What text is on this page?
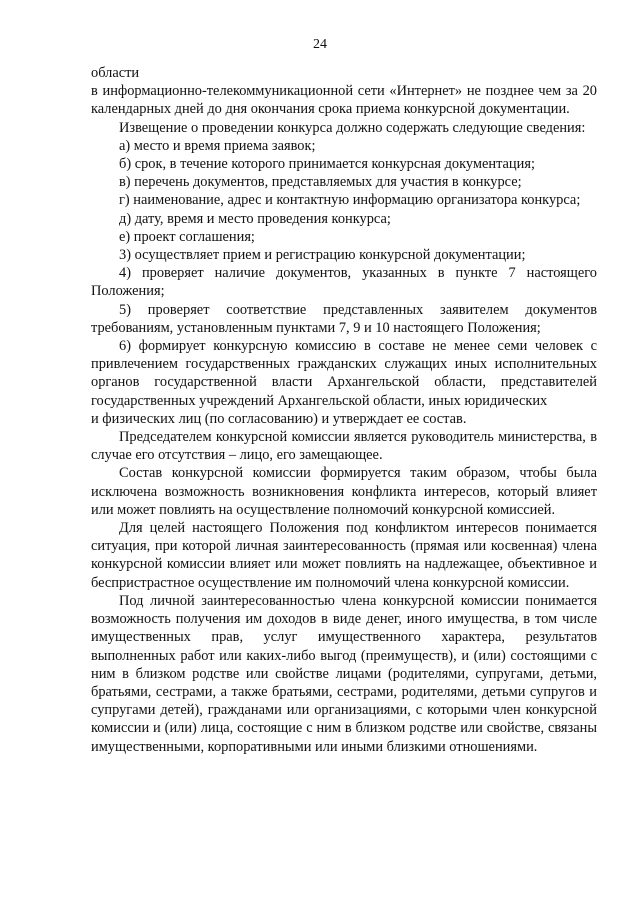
24

области

в информационно-телекоммуникационной сети «Интернет» не позднее чем за 20 календарных дней до дня окончания срока приема конкурсной документации.

Извещение о проведении конкурса должно содержать следующие сведения:

а) место и время приема заявок;

б) срок, в течение которого принимается конкурсная документация;

в) перечень документов, представляемых для участия в конкурсе;

г) наименование, адрес и контактную информацию организатора конкурса;

д) дату, время и место проведения конкурса;

е) проект соглашения;

3) осуществляет прием и регистрацию конкурсной документации;

4) проверяет наличие документов, указанных в пункте 7 настоящего Положения;

5) проверяет соответствие представленных заявителем документов требованиям, установленным пунктами 7, 9 и 10 настоящего Положения;

6) формирует конкурсную комиссию в составе не менее семи человек с привлечением государственных гражданских служащих иных исполнительных органов государственной власти Архангельской области, представителей государственных учреждений Архангельской области, иных юридических

и физических лиц (по согласованию) и утверждает ее состав.

Председателем конкурсной комиссии является руководитель министерства, в случае его отсутствия – лицо, его замещающее.

Состав конкурсной комиссии формируется таким образом, чтобы была исключена возможность возникновения конфликта интересов, который влияет или может повлиять на осуществление полномочий конкурсной комиссией.

Для целей настоящего Положения под конфликтом интересов понимается ситуация, при которой личная заинтересованность (прямая или косвенная) члена конкурсной комиссии влияет или может повлиять на надлежащее, объективное и беспристрастное осуществление им полномочий члена конкурсной комиссии.

Под личной заинтересованностью члена конкурсной комиссии понимается возможность получения им доходов в виде денег, иного имущества, в том числе имущественных прав, услуг имущественного характера, результатов выполненных работ или каких-либо выгод (преимуществ), и (или) состоящими с ним в близком родстве или свойстве лицами (родителями, супругами, детьми, братьями, сестрами, а также братьями, сестрами, родителями, детьми супругов и супругами детей), гражданами или организациями, с которыми член конкурсной комиссии и (или) лица, состоящие с ним в близком родстве или свойстве, связаны имущественными, корпоративными или иными близкими отношениями.
